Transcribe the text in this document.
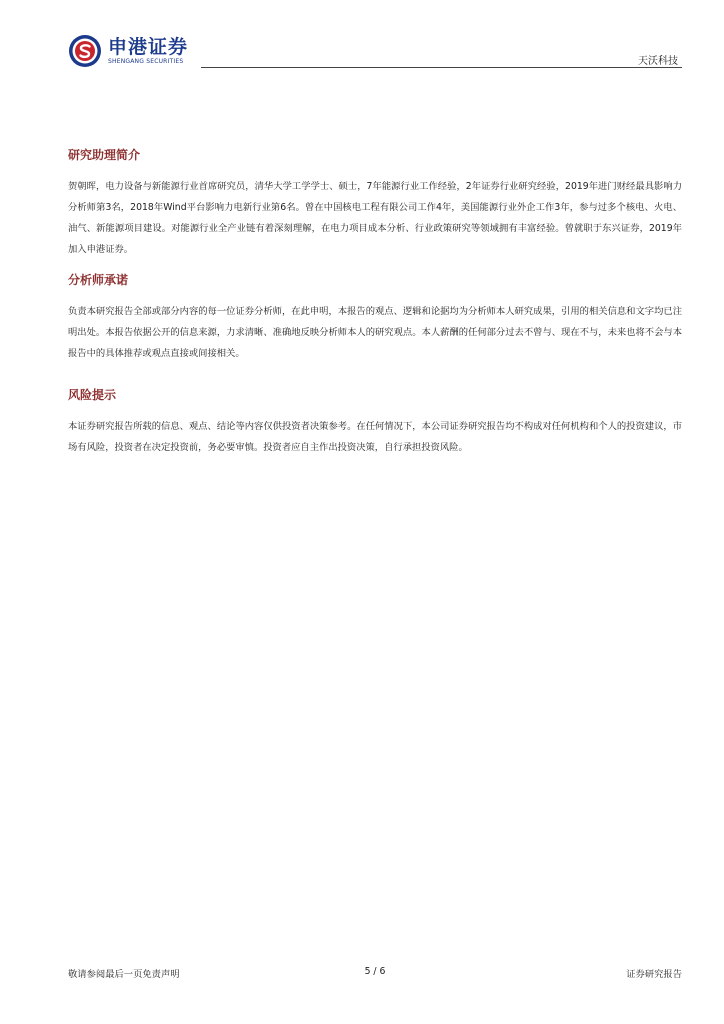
申港证券
SHENGANG SECURITIES	天沃科技

研究助理简介

贺朝晖，电力设备与新能源行业首席研究员，清华大学工学学士、硕士，7年能源行业工作经验，2年证券行业研究经验，2019年进门财经最具影响力分析师第3名，2018年Wind平台影响力电新行业第6名。曾在中国核电工程有限公司工作4年，美国能源行业外企工作3年，参与过多个核电、火电、油气、新能源项目建设。对能源行业全产业链有着深刻理解，在电力项目成本分析、行业政策研究等领域拥有丰富经验。曾就职于东兴证券，2019年加入申港证券。

分析师承诺

负责本研究报告全部或部分内容的每一位证券分析师，在此申明，本报告的观点、逻辑和论据均为分析师本人研究成果，引用的相关信息和文字均已注明出处。本报告依据公开的信息来源，力求清晰、准确地反映分析师本人的研究观点。本人薪酬的任何部分过去不曾与、现在不与，未来也将不会与本报告中的具体推荐或观点直接或间接相关。

风险提示

本证券研究报告所载的信息、观点、结论等内容仅供投资者决策参考。在任何情况下，本公司证券研究报告均不构成对任何机构和个人的投资建议，市场有风险，投资者在决定投资前，务必要审慎。投资者应自主作出投资决策，自行承担投资风险。

敬请参阅最后一页免责声明	5 / 6	证券研究报告
